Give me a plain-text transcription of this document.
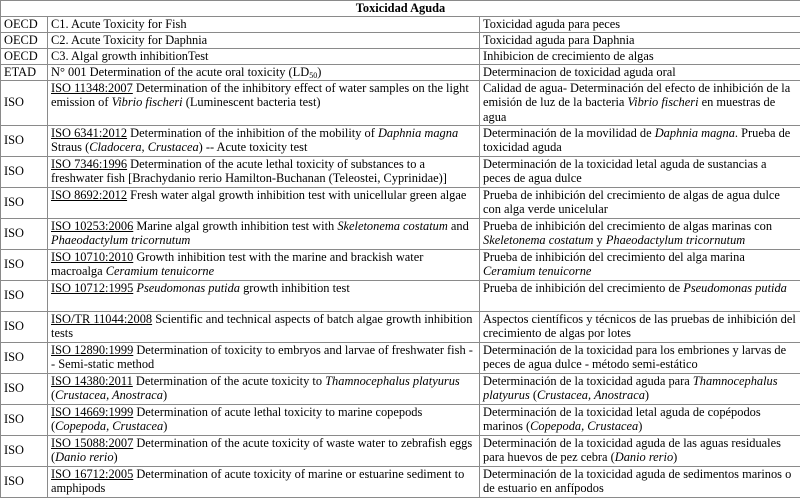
Toxicidad Aguda		
OECD	C1. Acute Toxicity for Fish	Toxicidad aguda para peces
OECD	C2. Acute Toxicity for Daphnia	Toxicidad aguda para Daphnia
OECD	C3. Algal growth inhibitionTest	Inhibicion de crecimiento de algas
ETAD	N° 001 Determination of the acute oral toxicity $(LD_{50})$	Determinacion de toxicidad aguda oral
ISO	ISO 11348:2007 Determination of the inhibitory effect of water samples on the light emission of Vibrio fischeri (Luminescent bacteria test)	Calidad de agua- Determinación del efecto de inhibición de la emisión de luz de la bacteria Vibrio fischeri en muestras de agua
ISO	ISO 6341:2012 Determination of the inhibition of the mobility of Daphnia magna Straus (Cladocera, Crustacea) -- Acute toxicity test	Determinación de la movilidad de Daphnia magna. Prueba de toxicidad aguda
ISO	ISO 7346:1996 Determination of the acute lethal toxicity of substances to a freshwater fish [Brachydanio rerio Hamilton-Buchanan (Teleostei, Cyprinidae)]	Determinación de la toxicidad letal aguda de sustancias a peces de agua dulce
ISO	ISO 8692:2012 Fresh water algal growth inhibition test with unicellular green algae	Prueba de inhibición del crecimiento de algas de agua dulce con alga verde unicelular
ISO	ISO 10253:2006 Marine algal growth inhibition test with Skeletonema costatum and Phaeodactylum tricornutum	Prueba de inhibición del crecimiento de algas marinas con Skeletonema costatum y Phaeodactylum tricornutum
ISO	ISO 10710:2010 Growth inhibition test with the marine and brackish water macroalga Ceramium tenuicorne	Prueba de inhibición del crecimiento del alga marina Ceramium tenuicorne
ISO	ISO 10712:1995 Pseudomonas putida growth inhibition test	Prueba de inhibición del crecimiento de Pseudomonas putida
ISO	ISO/TR 11044:2008 Scientific and technical aspects of batch algae growth inhibition tests	Aspectos científicos y técnicos de las pruebas de inhibición del crecimiento de algas por lotes
ISO	ISO 12890:1999 Determination of toxicity to embryos and larvae of freshwater fish -- Semi-static method	Determinación de la toxicidad para los embriones y larvas de peces de agua dulce - método semi-estático
ISO	ISO 14380:2011 Determination of the acute toxicity to Thamnocephalus platyurus (Crustacea, Anostraca)	Determinación de la toxicidad aguda para Thamnocephalus platyurus (Crustacea, Anostraca)
ISO	ISO 14669:1999 Determination of acute lethal toxicity to marine copepods (Copepoda, Crustacea)	Determinación de la toxicidad letal aguda de copépodos marinos (Copepoda, Crustacea)
ISO	ISO 15088:2007 Determination of the acute toxicity of waste water to zebrafish eggs (Danio rerio)	Determinación de la toxicidad aguda de las aguas residuales para huevos de pez cebra (Danio rerio)
ISO	ISO 16712:2005 Determination of acute toxicity of marine or estuarine sediment to amphipods	Determinación de la toxicidad aguda de sedimentos marinos o de estuario en anfípodos
